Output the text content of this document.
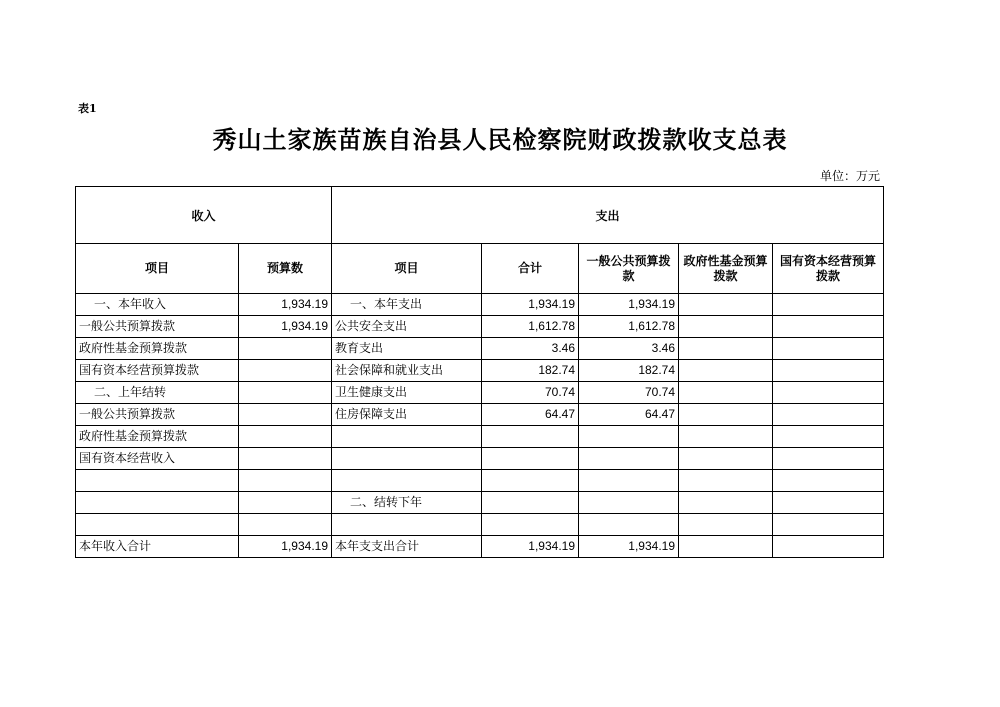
表1
秀山土家族苗族自治县人民检察院财政拨款收支总表
单位：万元
收入		支出				
项目	预算数	项目	合计	一般公共预算拨款	政府性基金预算拨款	国有资本经营预算拨款
一、本年收入	1,934.19	一、本年支出	1,934.19	1,934.19		
一般公共预算拨款	1,934.19	公共安全支出	1,612.78	1,612.78		
政府性基金预算拨款		教育支出	3.46	3.46		
国有资本经营预算拨款		社会保障和就业支出	182.74	182.74		
二、上年结转		卫生健康支出	70.74	70.74		
一般公共预算拨款		住房保障支出	64.47	64.47		
政府性基金预算拨款						
国有资本经营收入						

		二、结转下年				

本年收入合计	1,934.19	本年支支出合计	1,934.19	1,934.19		
